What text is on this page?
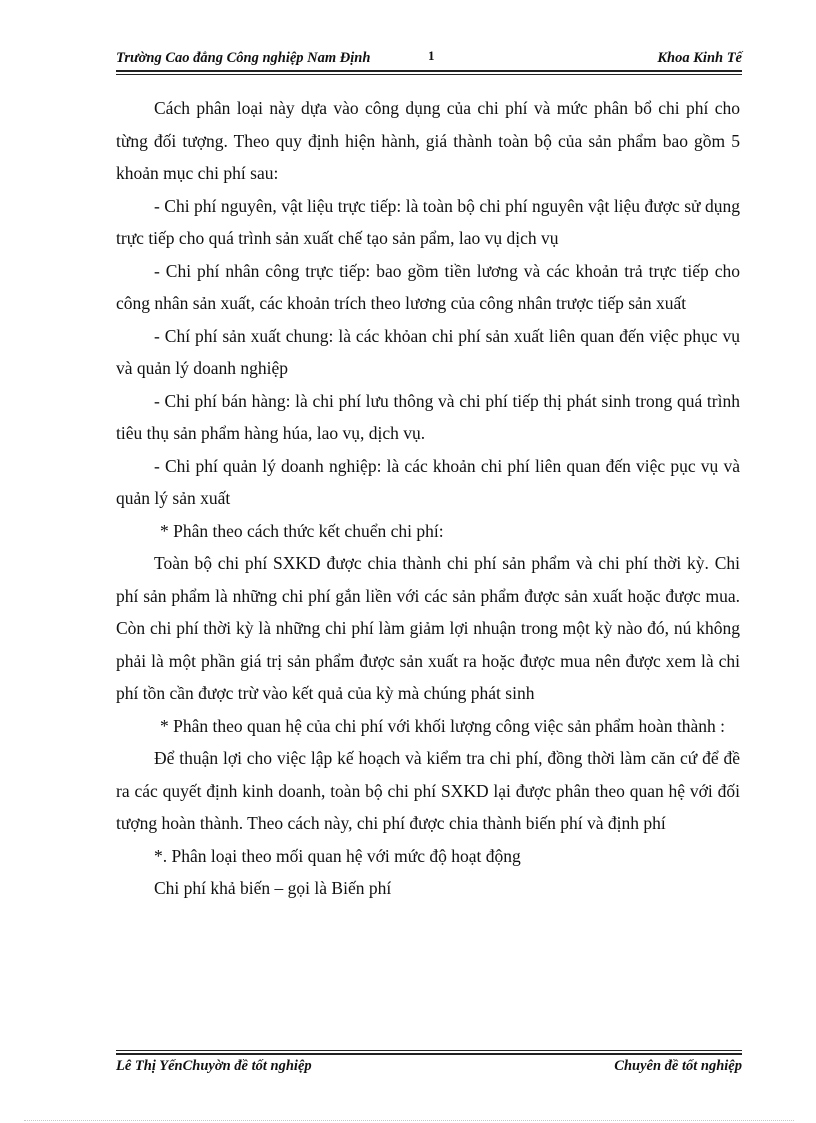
Trường Cao đẳng Công nghiệp Nam Định	1	Khoa Kinh Tế

Cách phân loại này dựa vào công dụng của chi phí và mức phân bổ chi phí cho từng đối tượng. Theo quy định hiện hành, giá thành toàn bộ của sản phẩm bao gồm 5 khoản mục chi phí sau:

- Chi phí nguyên, vật liệu trực tiếp: là toàn bộ chi phí nguyên vật liệu được sử dụng trực tiếp cho quá trình sản xuất chế tạo sản pẩm, lao vụ dịch vụ

- Chi phí nhân công trực tiếp: bao gồm tiền lương và các khoản trả trực tiếp cho công nhân sản xuất, các khoản trích theo lương của công nhân trược tiếp sản xuất

- Chí phí sản xuất chung: là các khỏan chi phí sản xuất liên quan đến việc phục vụ và quản lý doanh nghiệp

- Chi phí bán hàng: là chi phí lưu thông và chi phí tiếp thị phát sinh trong quá trình tiêu thụ sản phẩm hàng húa, lao vụ, dịch vụ.

- Chi phí quản lý doanh nghiệp: là các khoản chi phí liên quan đến việc pục vụ và quản lý sản xuất

* Phân theo cách thức kết chuển chi phí:

Toàn bộ chi phí SXKD được chia thành chi phí sản phẩm và chi phí thời kỳ. Chi phí sản phẩm là những chi phí gắn liền với các sản phẩm được sản xuất hoặc được mua. Còn chi phí thời kỳ là những chi phí làm giảm lợi nhuận trong một kỳ nào đó, nú không phải là một phần giá trị sản phẩm được sản xuất ra hoặc được mua nên được xem là chi phí tồn cần được trừ vào kết quả của kỳ mà chúng phát sinh

* Phân theo quan hệ của chi phí với khối lượng công việc sản phẩm hoàn thành :

Để thuận lợi cho việc lập kế hoạch và kiểm tra chi phí, đồng thời làm căn cứ để đề ra các quyết định kinh doanh, toàn bộ chi phí SXKD lại được phân theo quan hệ với đối tượng hoàn thành. Theo cách này, chi phí được chia thành biến phí và định phí

*. Phân loại theo mối quan hệ với mức độ hoạt động

Chi phí khả biến – gọi là Biến phí

Lê Thị YếnChuyờn đề tốt nghiệp	Chuyên đề tốt nghiệp
